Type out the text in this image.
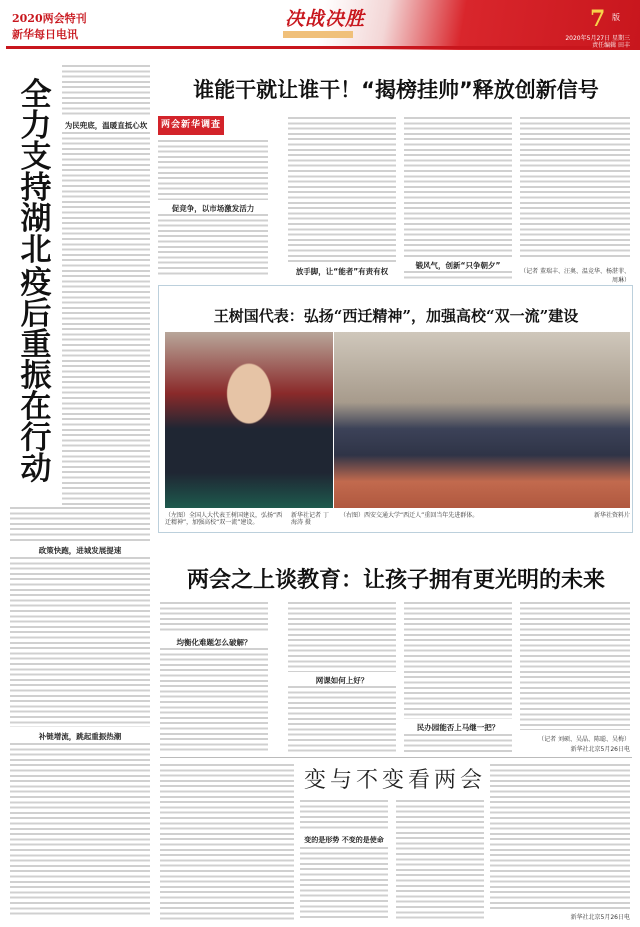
2020两会特刊
新华每日电讯
决战决胜	7 版
2020年5月27日 星期三
责任编辑 田丰
全
力
支
持
湖
北
疫
后
重
振
在
行
动
为民兜底，温暖直抵心坎
政策快跑，进城发展提速
补链增流，跳起重振热潮
谁能干就让谁干！“揭榜挂帅”释放创新信号
两会新华调查
促竞争，以市场激发活力
放手脚，让“能者”有责有权
锻风气，创新“只争朝夕”
（记者 董瑞丰、汪奥、温竞华、杨湛菲、周琳）
王树国代表：弘扬“西迁精神”，加强高校“双一流”建设
（左图）全国人大代表王树国建议，弘扬“西迁精神”，加强高校“双一流”建设。
新华社记者 丁海涛 摄
（右图）西安交通大学“西迁人”重回当年先进群体。	新华社资料片
两会之上谈教育：让孩子拥有更光明的未来
均衡化难题怎么破解？
网课如何上好？
民办园能否上马继一把？
（记者 刘硕、吴晶、陈聪、吴梅）
新华社北京5月26日电
变与不变看两会
变的是形势 不变的是使命
新华社北京5月26日电
